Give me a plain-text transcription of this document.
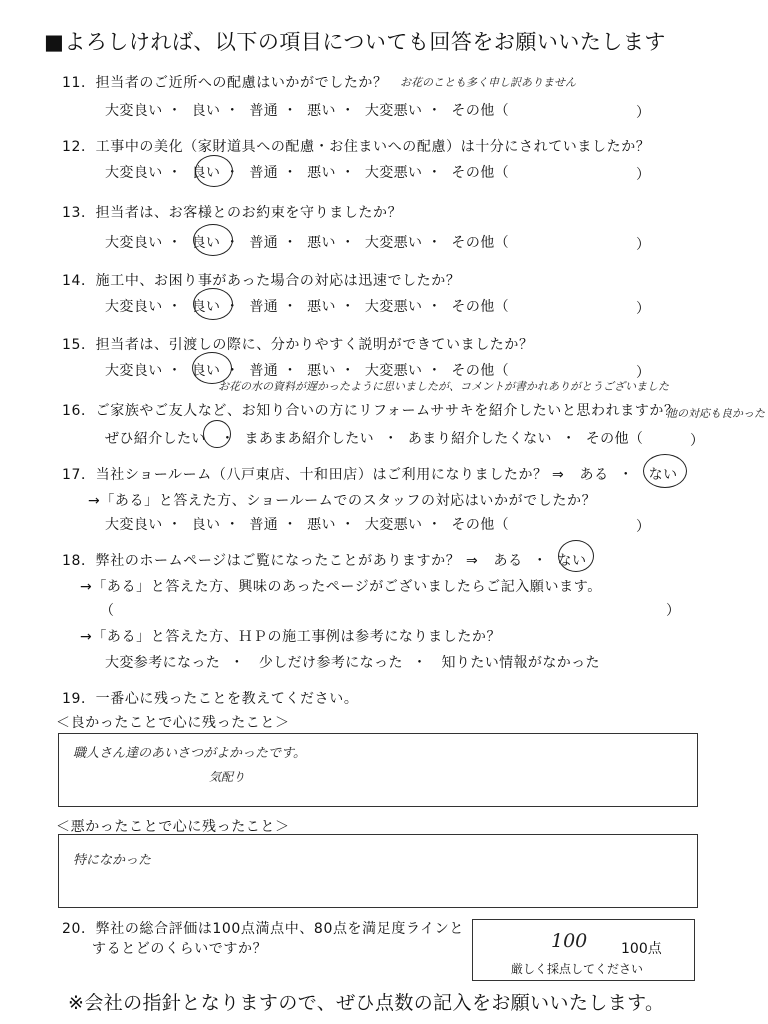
■よろしければ、以下の項目についても回答をお願いいたします
11．担当者のご近所への配慮はいかがでしたか？ お花のことも多く申し訳ありません
大変良い ・  良い ・  普通 ・  悪い ・  大変悪い ・  その他（	）
12．工事中の美化（家財道具への配慮・お住まいへの配慮）は十分にされていましたか？
大変良い ・  良い ・  普通 ・  悪い ・  大変悪い ・  その他（	）
13．担当者は、お客様とのお約束を守りましたか？
大変良い ・  良い ・  普通 ・  悪い ・  大変悪い ・  その他（	）
14．施工中、お困り事があった場合の対応は迅速でしたか？
大変良い ・  良い ・  普通 ・  悪い ・  大変悪い ・  その他（	）
15．担当者は、引渡しの際に、分かりやすく説明ができていましたか？
大変良い ・  良い ・  普通 ・  悪い ・  大変悪い ・  その他（	）
お花の水の資料が遅かったように思いましたが、コメントが書かれありがとうございました
16．ご家族やご友人など、お知り合いの方にリフォームササキを紹介したいと思われますか？
他の対応も良かった
ぜひ紹介したい   ・  まあまあ紹介したい  ・  あまり紹介したくない  ・  その他（	）
17．当社ショールーム（八戸東店、十和田店）はご利用になりましたか？ ⇒ ある  ・   ない
→「ある」と答えた方、ショールームでのスタッフの対応はいかがでしたか？
大変良い ・  良い ・  普通 ・  悪い ・  大変悪い ・  その他（	）
18．弊社のホームページはご覧になったことがありますか？ ⇒ ある  ・  ない
→「ある」と答えた方、興味のあったページがございましたらご記入願います。
（	）
→「ある」と答えた方、ＨＰの施工事例は参考になりましたか？
大変参考になった  ・   少しだけ参考になった  ・   知りたい情報がなかった
19．一番心に残ったことを教えてください。
＜良かったことで心に残ったこと＞
職人さん達のあいさつがよかったです。
気配り
＜悪かったことで心に残ったこと＞
特になかった
20．弊社の総合評価は100点満点中、80点を満足度ラインと
するとどのくらいですか？	100 100点
厳しく採点してください
※会社の指針となりますので、ぜひ点数の記入をお願いいたします。
